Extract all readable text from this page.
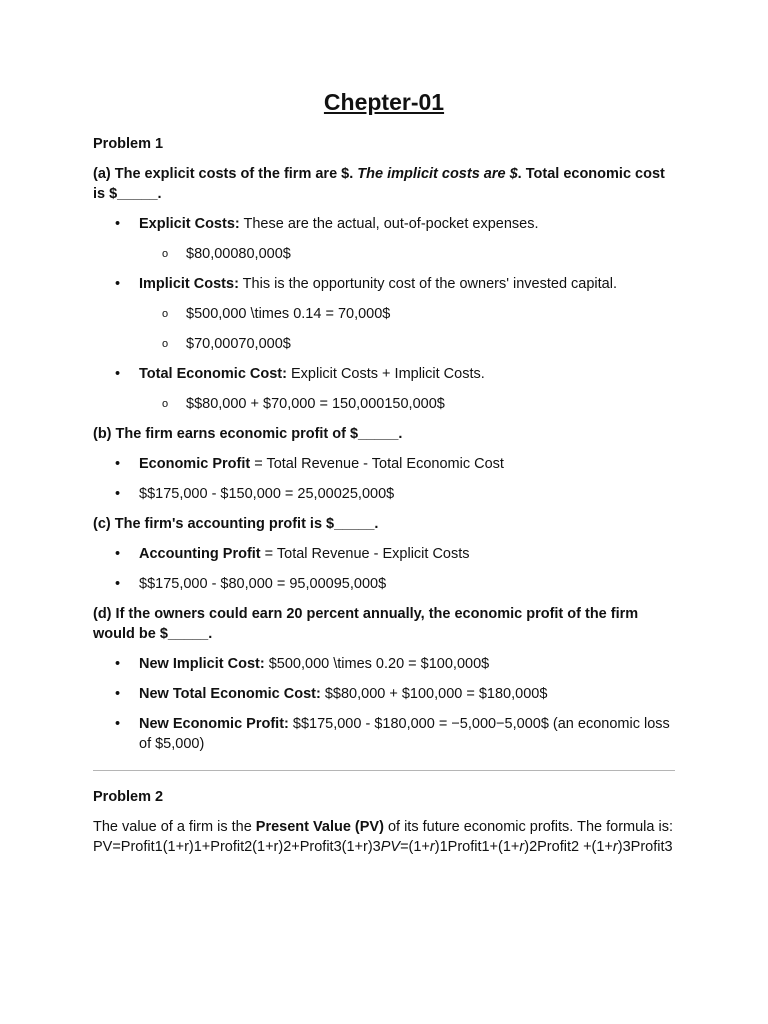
Chepter-01

Problem 1

(a) The explicit costs of the firm are $. The implicit costs are $. Total economic cost is $_____.

• Explicit Costs: These are the actual, out-of-pocket expenses.
o $80,00080,000$
• Implicit Costs: This is the opportunity cost of the owners' invested capital.
o $500,000 \times 0.14 = 70,000$
o $70,00070,000$
• Total Economic Cost: Explicit Costs + Implicit Costs.
o $$80,000 + $70,000 = 150,000150,000$

(b) The firm earns economic profit of $_____.

• Economic Profit = Total Revenue - Total Economic Cost
• $$175,000 - $150,000 = 25,00025,000$

(c) The firm's accounting profit is $_____.

• Accounting Profit = Total Revenue - Explicit Costs
• $$175,000 - $80,000 = 95,00095,000$

(d) If the owners could earn 20 percent annually, the economic profit of the firm would be $_____.

• New Implicit Cost: $500,000 \times 0.20 = $100,000$
• New Total Economic Cost: $$80,000 + $100,000 = $180,000$
• New Economic Profit: $$175,000 - $180,000 = −5,000−5,000$ (an economic loss of $5,000)

Problem 2

The value of a firm is the Present Value (PV) of its future economic profits. The formula is:

PV=Profit1(1+r)1+Profit2(1+r)2+Profit3(1+r)3PV=(1+r)1Profit1+(1+r)2Profit2 +(1+r)3Profit3
